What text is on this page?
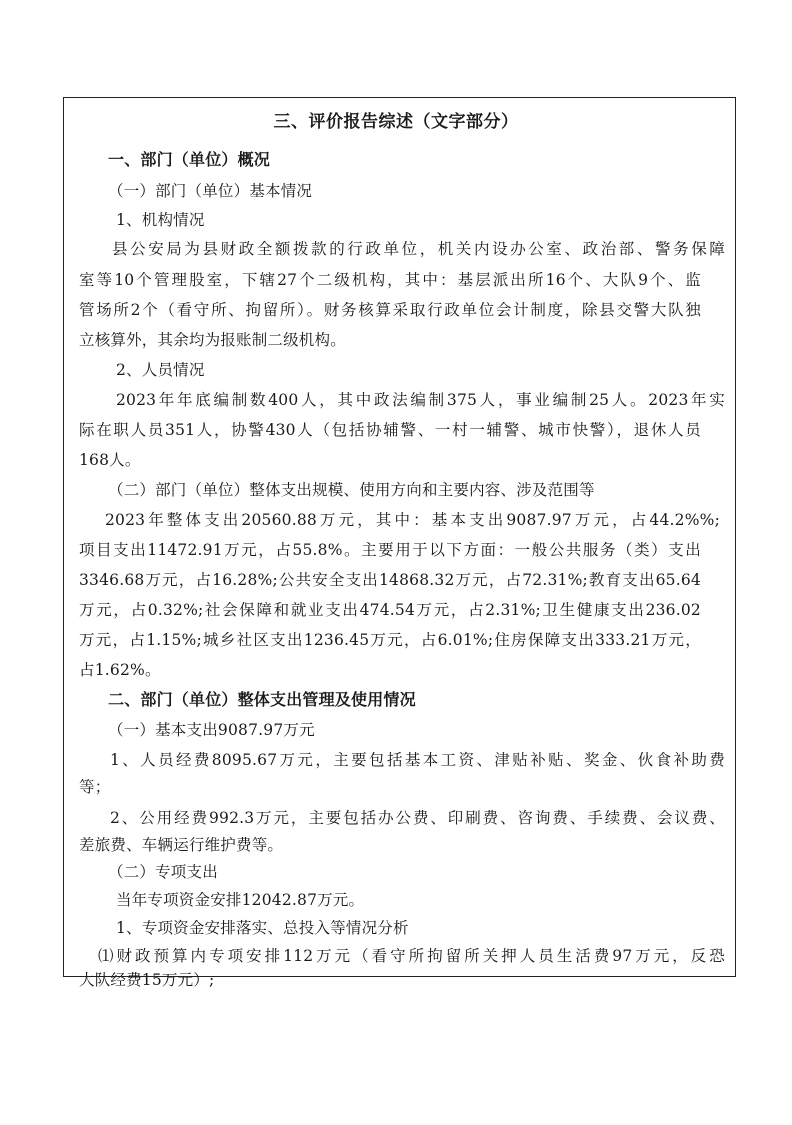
三、评价报告综述（文字部分）
一、部门（单位）概况
（一）部门（单位）基本情况
1、机构情况
县公安局为县财政全额拨款的行政单位，机关内设办公室、政治部、警务保障
室等10个管理股室，下辖27个二级机构，其中：基层派出所16个、大队9个、监
管场所2个（看守所、拘留所）。财务核算采取行政单位会计制度，除县交警大队独
立核算外，其余均为报账制二级机构。
2、人员情况
2023年年底编制数400人，其中政法编制375人，事业编制25人。2023年实
际在职人员351人，协警430人（包括协辅警、一村一辅警、城市快警），退休人员
168人。
（二）部门（单位）整体支出规模、使用方向和主要内容、涉及范围等
2023年整体支出20560.88万元，其中：基本支出9087.97万元，占44.2%%;
项目支出11472.91万元，占55.8%。主要用于以下方面：一般公共服务（类）支出
3346.68万元，占16.28%;公共安全支出14868.32万元，占72.31%;教育支出65.64
万元，占0.32%;社会保障和就业支出474.54万元，占2.31%;卫生健康支出236.02
万元，占1.15%;城乡社区支出1236.45万元，占6.01%;住房保障支出333.21万元，
占1.62%。
二、部门（单位）整体支出管理及使用情况
（一）基本支出9087.97万元
1、人员经费8095.67万元，主要包括基本工资、津贴补贴、奖金、伙食补助费
等；
2、公用经费992.3万元，主要包括办公费、印刷费、咨询费、手续费、会议费、
差旅费、车辆运行维护费等。
（二）专项支出
当年专项资金安排12042.87万元。
1、专项资金安排落实、总投入等情况分析
⑴财政预算内专项安排112万元（看守所拘留所关押人员生活费97万元，反恐
大队经费15万元）;
